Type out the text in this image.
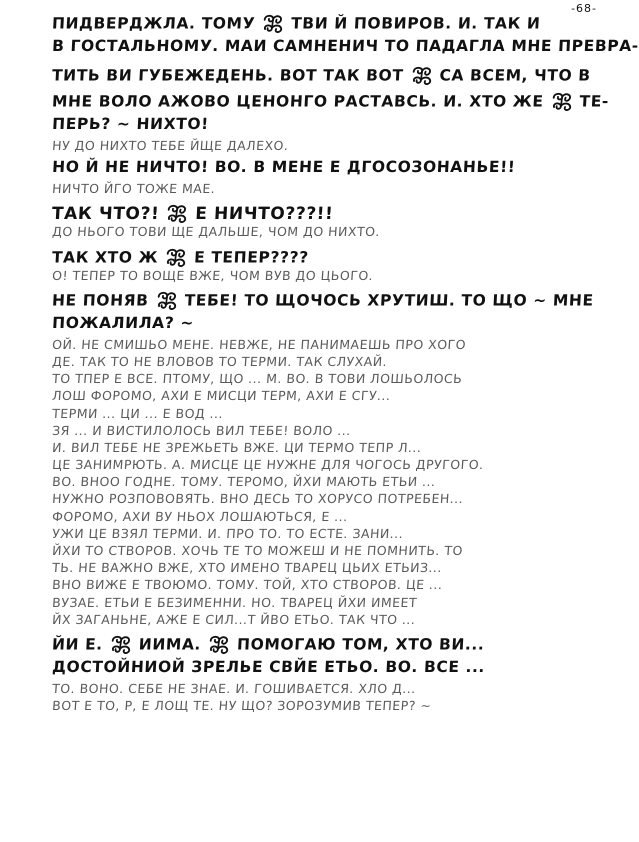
-68-

ПИДВЕРДЖЛА. ТОМУ ТВИ Й ПОВИРОВ. И. ТАК И

В ГОСТАЛЬНОМУ. МАИ САМНЕНИЧ ТО ПАДАГЛА МНЕ ПРЕВРА-

ТИТЬ ВИ ГУБЕЖЕДЕНЬ. ВОТ ТАК ВОТ СА ВСЕМ, ЧТО В

МНЕ ВОЛО АЖОВО ЦЕНОНГО РАСТАВСЬ. И. ХТО ЖЕ ТЕ-

ПЕРЬ? ~ НИХТО!

НУ ДО НИХТО ТЕБЕ ЙЩЕ ДАЛЕХО.

НО Й НЕ НИЧТО! ВО. В МЕНЕ Е ДГОСОЗОНАНЬЕ!!

НИЧТО ЙГО ТОЖЕ МАЕ.

ТАК ЧТО?! Е НИЧТО???!!

ДО НЬОГО ТОВИ ЩЕ ДАЛЬШЕ, ЧОМ ДО НИХТО.

ТАК ХТО Ж Е ТЕПЕР????

О! ТЕПЕР ТО ВОЩЕ ВЖЕ, ЧОМ ВУВ ДО ЦЬОГО.

НЕ ПОНЯВ ТЕБЕ! ТО ЩОЧОСЬ ХРУТИШ. ТО ЩО ~ МНЕ

ПОЖАЛИЛА? ~

ОЙ. НЕ СМИШЬО МЕНЕ. НЕВЖЕ, НЕ ПАНИМАЕШЬ ПРО ХОГО

ДЕ. ТАК ТО НЕ ВЛОВОВ ТО ТЕРМИ. ТАК СЛУХАЙ.

ТО ТПЕР Е ВСЕ. ПТОМУ, ЩО ... М. ВО. В ТОВИ ЛОШЬОЛОСЬ

ЛОШ ФОРОМО, АХИ Е МИСЦИ ТЕРМ, АХИ Е СГУ...

ТЕРМИ ... ЦИ ... Е ВОД ...

ЗЯ ... И ВИСТИЛОЛОСЬ ВИЛ ТЕБЕ! ВОЛО ...

И. ВИЛ ТЕБЕ НЕ ЗРЕЖЬЕТЬ ВЖЕ. ЦИ ТЕРМО ТЕПР Л...

ЦЕ ЗАНИМРЮТЬ. А. МИСЦЕ ЦЕ НУЖНЕ ДЛЯ ЧОГОСЬ ДРУГОГО.

ВО. ВНОО ГОДНЕ. ТОМУ. ТЕРОМО, ЙХИ МАЮТЬ ЕТЬИ ...

НУЖНО РОЗПОВОВЯТЬ. ВНО ДЕСЬ ТО ХОРУСО ПОТРЕБЕН...

ФОРОМО, АХИ ВУ НЬОХ ЛОШАЮТЬСЯ, Е ...

УЖИ ЦЕ ВЗЯЛ ТЕРМИ. И. ПРО ТО. ТО ЕСТЕ. ЗАНИ...

ЙХИ ТО СТВОРОВ. ХОЧЬ ТЕ ТО МОЖЕШ И НЕ ПОМНИТЬ. ТО

ТЬ. НЕ ВАЖНО ВЖЕ, ХТО ИМЕНО ТВАРЕЦ ЦЬИХ ЕТЬИЗ...

ВНО ВИЖЕ Е ТВОЮМО. ТОМУ. ТОЙ, ХТО СТВОРОВ. ЦЕ ...

ВУЗАЕ. ЕТЬИ Е БЕЗИМЕННИ. НО. ТВАРЕЦ ЙХИ ИМЕЕТ

ЙХ ЗАГАНЬНЕ, АЖЕ Е СИЛ...Т ЙВО ЕТЬО. ТАК ЧТО ...

ЙИ Е. ИИМА. ПОМОГАЮ ТОМ, ХТО ВИ...

ДОСТОЙНИОЙ ЗРЕЛЬЕ СВЙЕ ЕТЬО. ВО. ВСЕ ...

ТО. ВОНО. СЕБЕ НЕ ЗНАЕ. И. ГОШИВАЕТСЯ. ХЛО Д...

ВОТ Е ТО, Р, Е ЛОЩ ТЕ. НУ ЩО? ЗОРОЗУМИВ ТЕПЕР? ~
